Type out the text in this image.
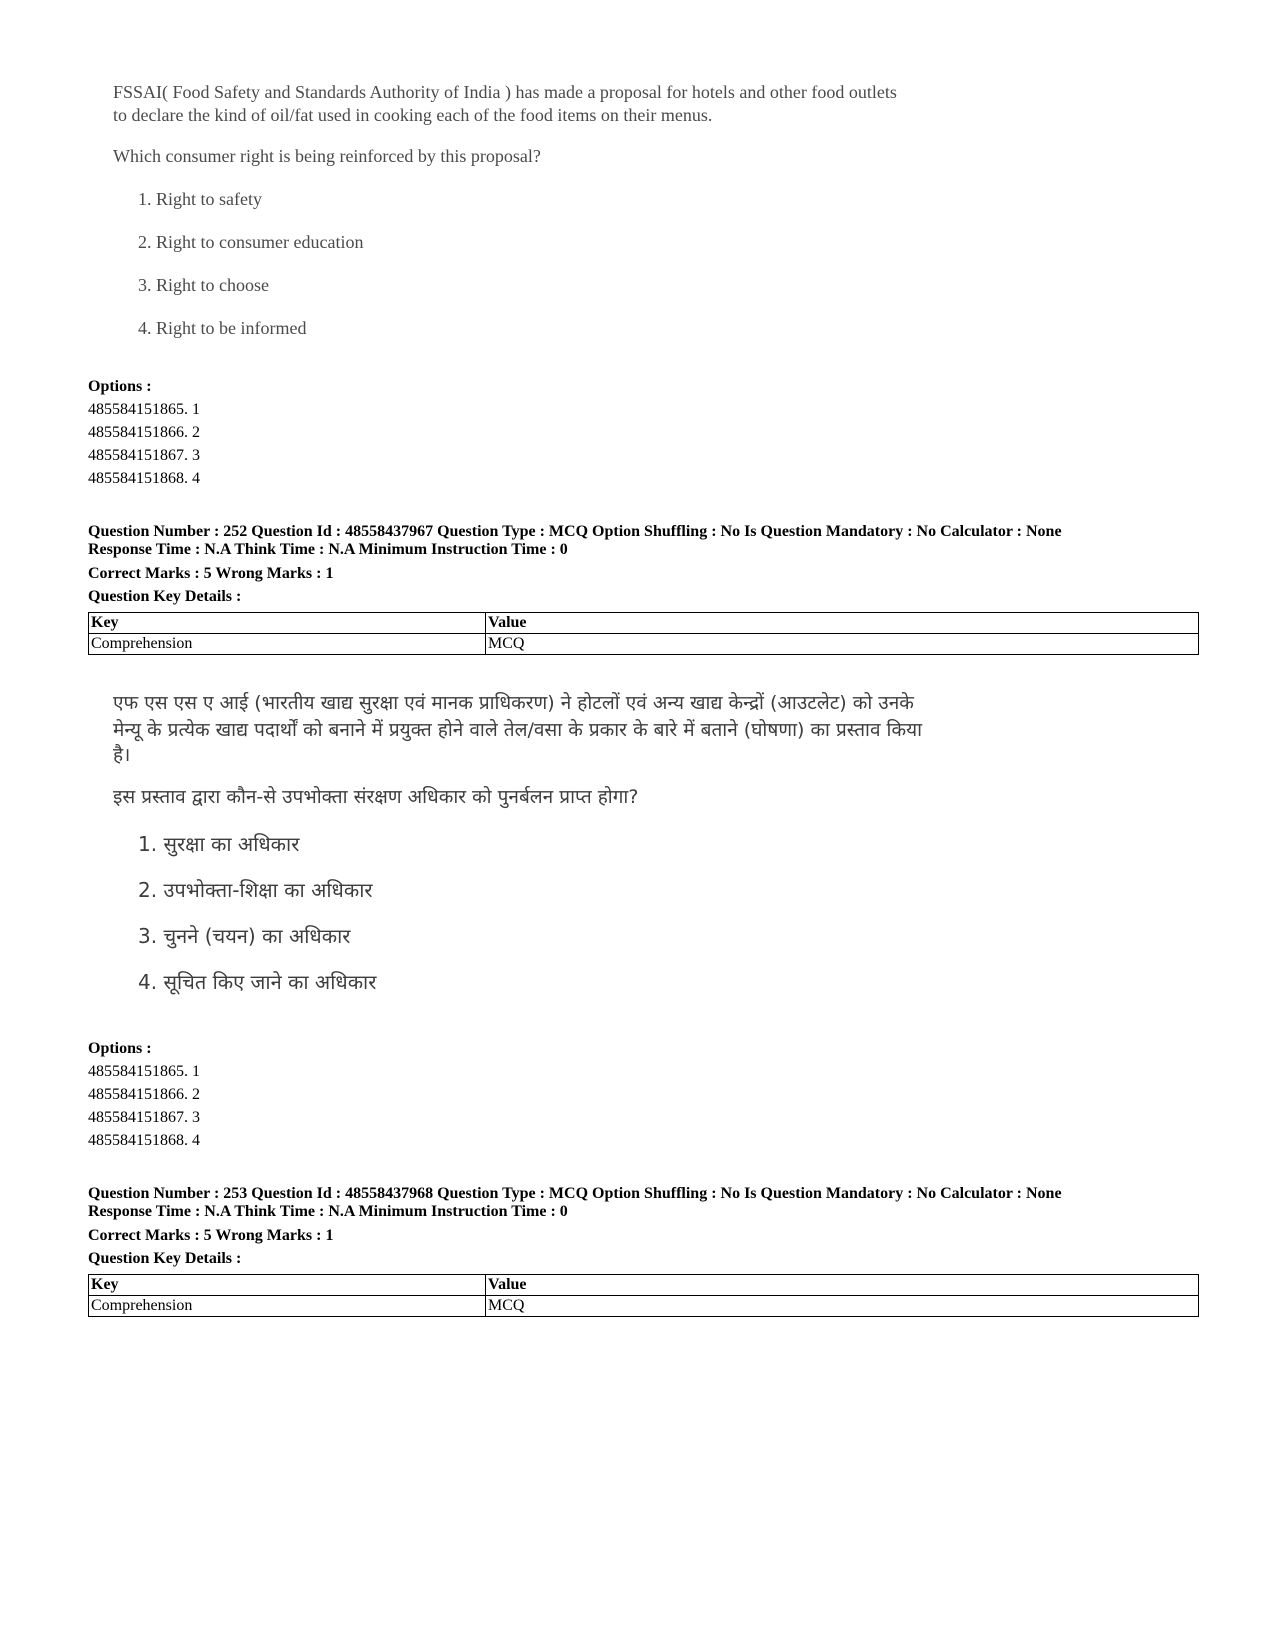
FSSAI( Food Safety and Standards Authority of India ) has made a proposal for hotels and other food outlets

to declare the kind of oil/fat used in cooking each of the food items on their menus.

Which consumer right is being reinforced by this proposal?

1. Right to safety

2. Right to consumer education

3. Right to choose

4. Right to be informed

Options :
485584151865. 1
485584151866. 2
485584151867. 3
485584151868. 4
Question Number : 252 Question Id : 48558437967 Question Type : MCQ Option Shuffling : No Is Question Mandatory : No Calculator : None
Response Time : N.A Think Time : N.A Minimum Instruction Time : 0
Correct Marks : 5 Wrong Marks : 1
Question Key Details :
Key	Value
Comprehension	MCQ

एफ एस एस ए आई (भारतीय खाद्य सुरक्षा एवं मानक प्राधिकरण) ने होटलों एवं अन्य खाद्य केन्द्रों (आउटलेट) को उनके

मेन्यू के प्रत्येक खाद्य पदार्थों को बनाने में प्रयुक्त होने वाले तेल/वसा के प्रकार के बारे में बताने (घोषणा) का प्रस्ताव किया

है।

इस प्रस्ताव द्वारा कौन-से उपभोक्ता संरक्षण अधिकार को पुनर्बलन प्राप्त होगा?

1. सुरक्षा का अधिकार

2. उपभोक्ता-शिक्षा का अधिकार

3. चुनने (चयन) का अधिकार

4. सूचित किए जाने का अधिकार

Options :
485584151865. 1
485584151866. 2
485584151867. 3
485584151868. 4
Question Number : 253 Question Id : 48558437968 Question Type : MCQ Option Shuffling : No Is Question Mandatory : No Calculator : None
Response Time : N.A Think Time : N.A Minimum Instruction Time : 0
Correct Marks : 5 Wrong Marks : 1
Question Key Details :
Key	Value
Comprehension	MCQ
